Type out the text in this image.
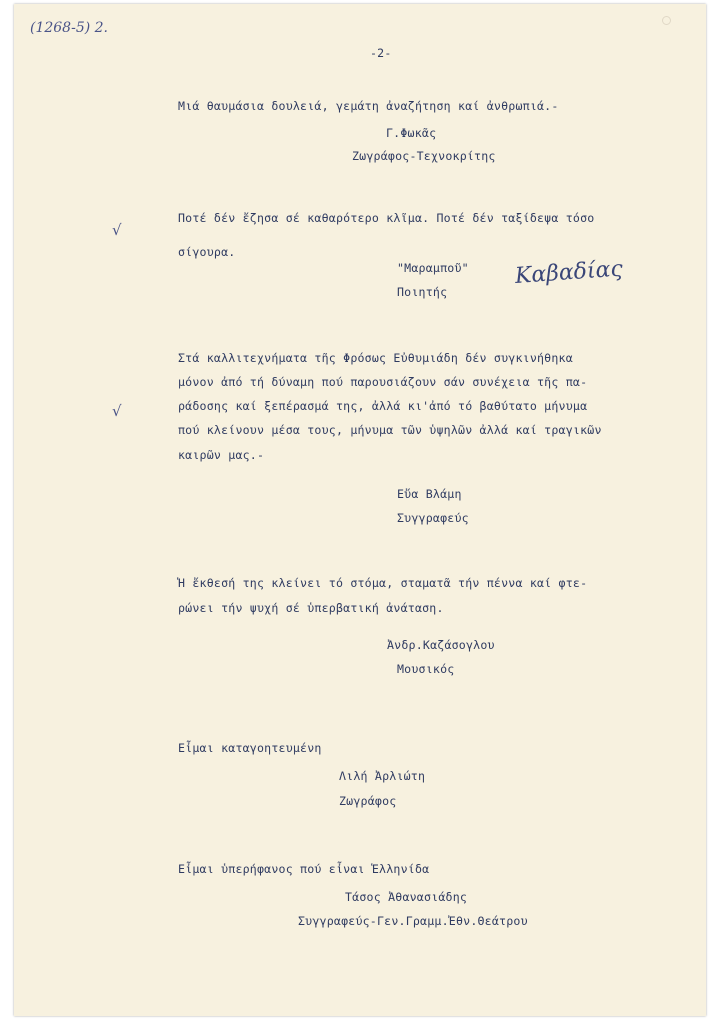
(1268-5) 2.
-2-
Μιά θαυμάσια δουλειά, γεμάτη ἀναζήτηση καί ἀνθρωπιά.-
Γ.Φωκᾶς
Ζωγράφος-Τεχνοκρίτης
Ποτέ δέν ἔζησα σέ καθαρότερο κλῖμα. Ποτέ δέν ταξίδεψα τόσο
σίγουρα.
√
"Μαραμποῦ"
Ποιητής
Καβαδίας
Στά καλλιτεχνήματα τῆς Φρόσως Εὐθυμιάδη δέν συγκινήθηκα
μόνον ἀπό τή δύναμη πού παρουσιάζουν σάν συνέχεια τῆς πα-
ράδοσης καί ξεπέρασμά της, ἀλλά κι'ἀπό τό βαθύτατο μήνυμα
πού κλείνουν μέσα τους, μήνυμα τῶν ὑψηλῶν ἀλλά καί τραγικῶν
καιρῶν μας.-
√
Εὔα Βλάμη
Συγγραφεύς
Ἡ ἔκθεσή της κλείνει τό στόμα, σταματᾶ τήν πέννα καί φτε-
ρώνει τήν ψυχή σέ ὑπερβατική ἀνάταση.
Ἀνδρ.Καζάσογλου
Μουσικός
Εἶμαι καταγοητευμένη
Λιλή Ἀρλιώτη
Ζωγράφος
Εἶμαι ὑπερήφανος πού εἶναι Ἑλληνίδα
Τάσος Ἀθανασιάδης
Συγγραφεύς-Γεν.Γραμμ.Ἐθν.Θεάτρου
